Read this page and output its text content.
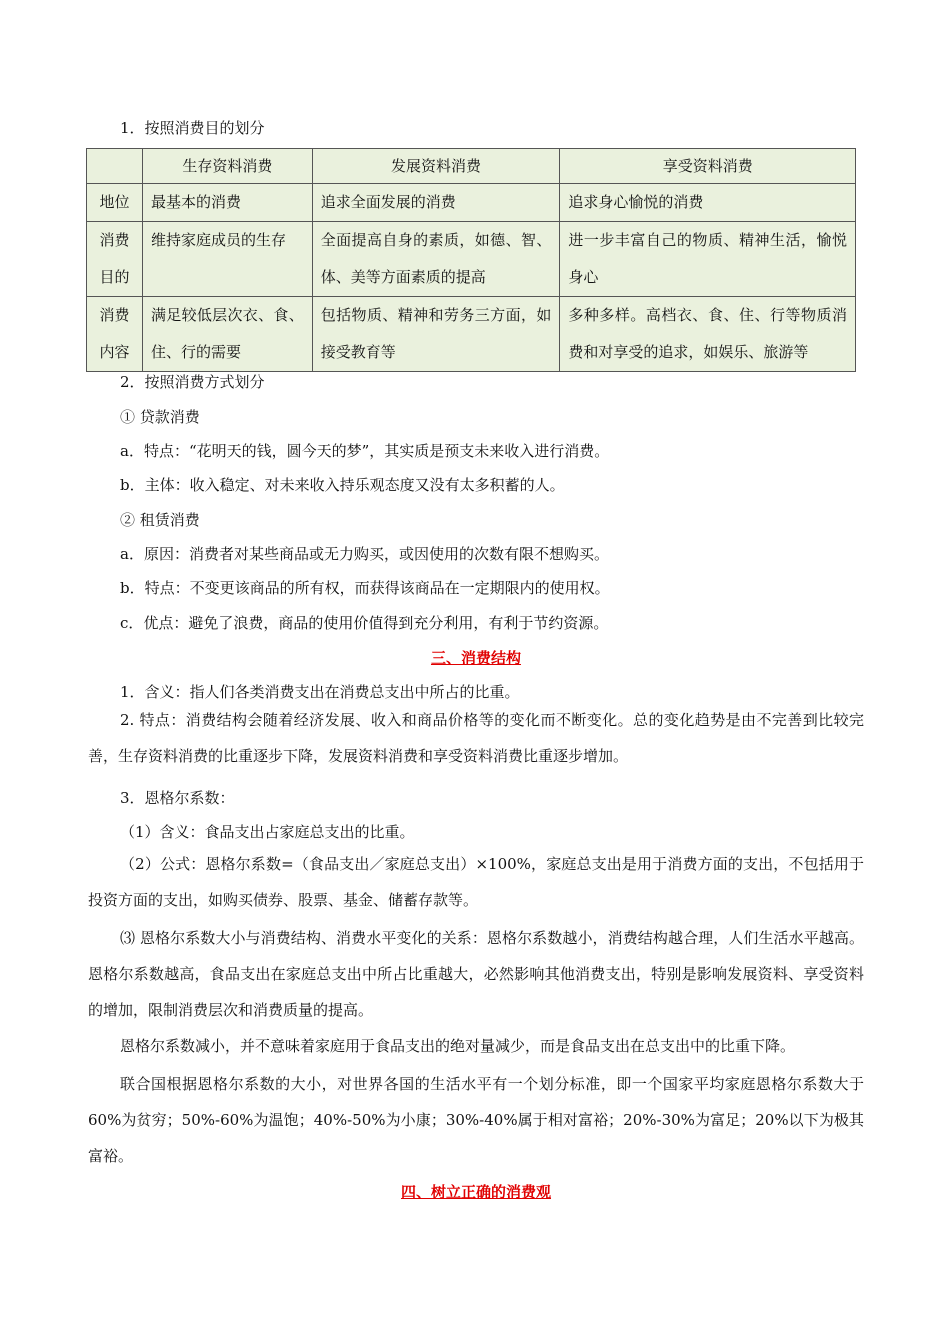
1．按照消费目的划分
	生存资料消费	发展资料消费	享受资料消费
地位	最基本的消费	追求全面发展的消费	追求身心愉悦的消费
消费目的	维持家庭成员的生存	全面提高自身的素质，如德、智、体、美等方面素质的提高	进一步丰富自己的物质、精神生活，愉悦身心
消费内容	满足较低层次衣、食、住、行的需要	包括物质、精神和劳务三方面，如接受教育等	多种多样。高档衣、食、住、行等物质消费和对享受的追求，如娱乐、旅游等
2．按照消费方式划分
① 贷款消费
a．特点：“花明天的钱，圆今天的梦”，其实质是预支未来收入进行消费。
b．主体：收入稳定、对未来收入持乐观态度又没有太多积蓄的人。
② 租赁消费
a．原因：消费者对某些商品或无力购买，或因使用的次数有限不想购买。
b．特点：不变更该商品的所有权，而获得该商品在一定期限内的使用权。
c．优点：避免了浪费，商品的使用价值得到充分利用，有利于节约资源。
三、消费结构
1．含义：指人们各类消费支出在消费总支出中所占的比重。
2. 特点：消费结构会随着经济发展、收入和商品价格等的变化而不断变化。总的变化趋势是由不完善到比较完善，生存资料消费的比重逐步下降，发展资料消费和享受资料消费比重逐步增加。
3．恩格尔系数：
（1）含义：食品支出占家庭总支出的比重。
（2）公式：恩格尔系数=（食品支出／家庭总支出）×100%，家庭总支出是用于消费方面的支出，不包括用于投资方面的支出，如购买债券、股票、基金、储蓄存款等。
⑶ 恩格尔系数大小与消费结构、消费水平变化的关系：恩格尔系数越小，消费结构越合理，人们生活水平越高。恩格尔系数越高，食品支出在家庭总支出中所占比重越大，必然影响其他消费支出，特别是影响发展资料、享受资料的增加，限制消费层次和消费质量的提高。
恩格尔系数减小，并不意味着家庭用于食品支出的绝对量减少，而是食品支出在总支出中的比重下降。
联合国根据恩格尔系数的大小，对世界各国的生活水平有一个划分标准，即一个国家平均家庭恩格尔系数大于 60%为贫穷；50%-60%为温饱；40%-50%为小康；30%-40%属于相对富裕；20%-30%为富足；20%以下为极其富裕。
四、树立正确的消费观
